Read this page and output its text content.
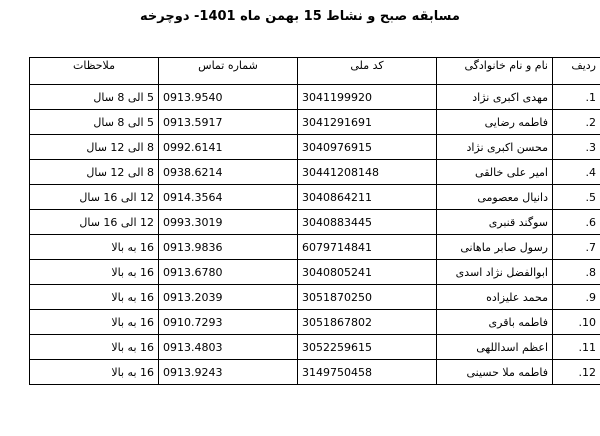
مسابقه صبح و نشاط 15 بهمن ماه 1401- دوچرخه
ردیف	نام و نام خانوادگی	کد ملی	شماره تماس	ملاحظات
1.	مهدی اکبری نژاد	3041199920	0913.9540	5 الی 8 سال
2.	فاطمه رضایی	3041291691	0913.5917	5 الی 8 سال
3.	محسن اکبری نژاد	3040976915	0992.6141	8 الی 12 سال
4.	امیر علی خالقی	30441208148	0938.6214	8 الی 12 سال
5.	دانیال معصومی	3040864211	0914.3564	12 الی 16 سال
6.	سوگند قنبری	3040883445	0993.3019	12 الی 16 سال
7.	رسول صابر ماهانی	6079714841	0913.9836	16 به بالا
8.	ابوالفضل نژاد اسدی	3040805241	0913.6780	16 به بالا
9.	محمد علیزاده	3051870250	0913.2039	16 به بالا
10.	فاطمه باقری	3051867802	0910.7293	16 به بالا
11.	اعظم اسداللهی	3052259615	0913.4803	16 به بالا
12.	فاطمه ملا حسینی	3149750458	0913.9243	16 به بالا
